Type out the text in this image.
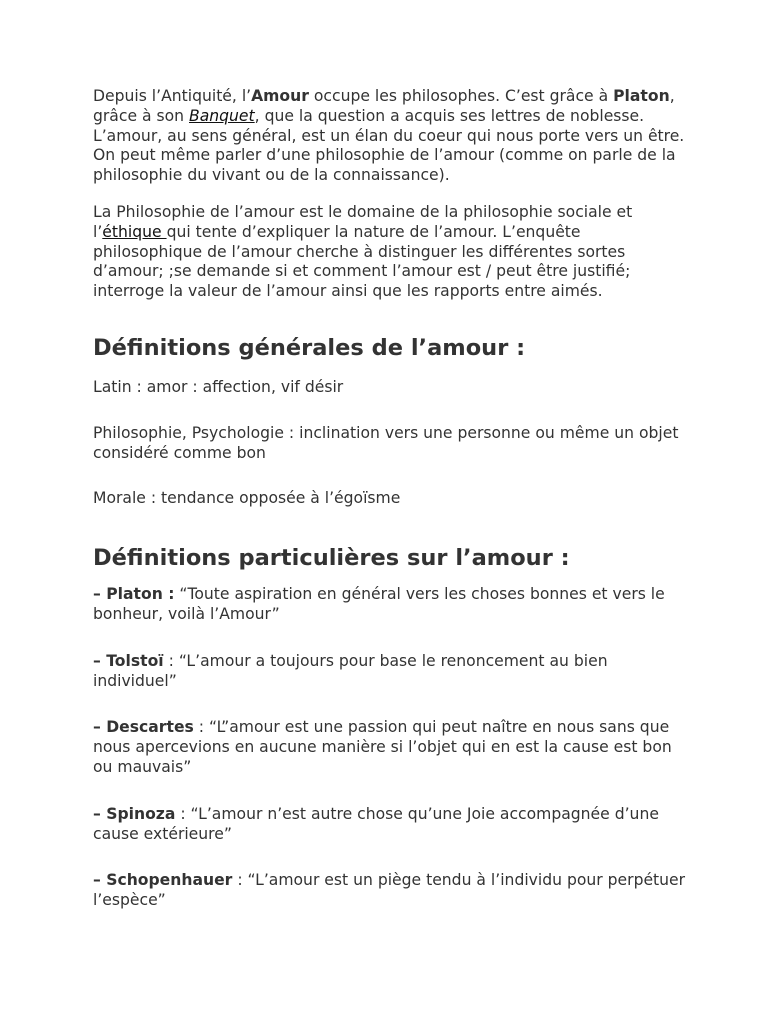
Depuis l’Antiquité, l’Amour occupe les philosophes. C’est grâce à Platon, grâce à son Banquet, que la question a acquis ses lettres de noblesse. L’amour, au sens général, est un élan du coeur qui nous porte vers un être. On peut même parler d’une philosophie de l’amour (comme on parle de la philosophie du vivant ou de la connaissance).

La Philosophie de l’amour est le domaine de la philosophie sociale et l’éthique qui tente d’expliquer la nature de l’amour. L’enquête philosophique de l’amour cherche à distinguer les différentes sortes d’amour; ;se demande si et comment l’amour est / peut être justifié; interroge la valeur de l’amour ainsi que les rapports entre aimés.

Définitions générales de l’amour :

Latin : amor : affection, vif désir

Philosophie, Psychologie : inclination vers une personne ou même un objet considéré comme bon

Morale : tendance opposée à l’égoïsme

Définitions particulières sur l’amour :

– Platon : “Toute aspiration en général vers les choses bonnes et vers le bonheur, voilà l’Amour”

– Tolstoï : “L’amour a toujours pour base le renoncement au bien individuel”

– Descartes : “L”amour est une passion qui peut naître en nous sans que nous apercevions en aucune manière si l’objet qui en est la cause est bon ou mauvais”

– Spinoza : “L’amour n’est autre chose qu’une Joie accompagnée d’une cause extérieure”

– Schopenhauer : “L’amour est un piège tendu à l’individu pour perpétuer l’espèce”
